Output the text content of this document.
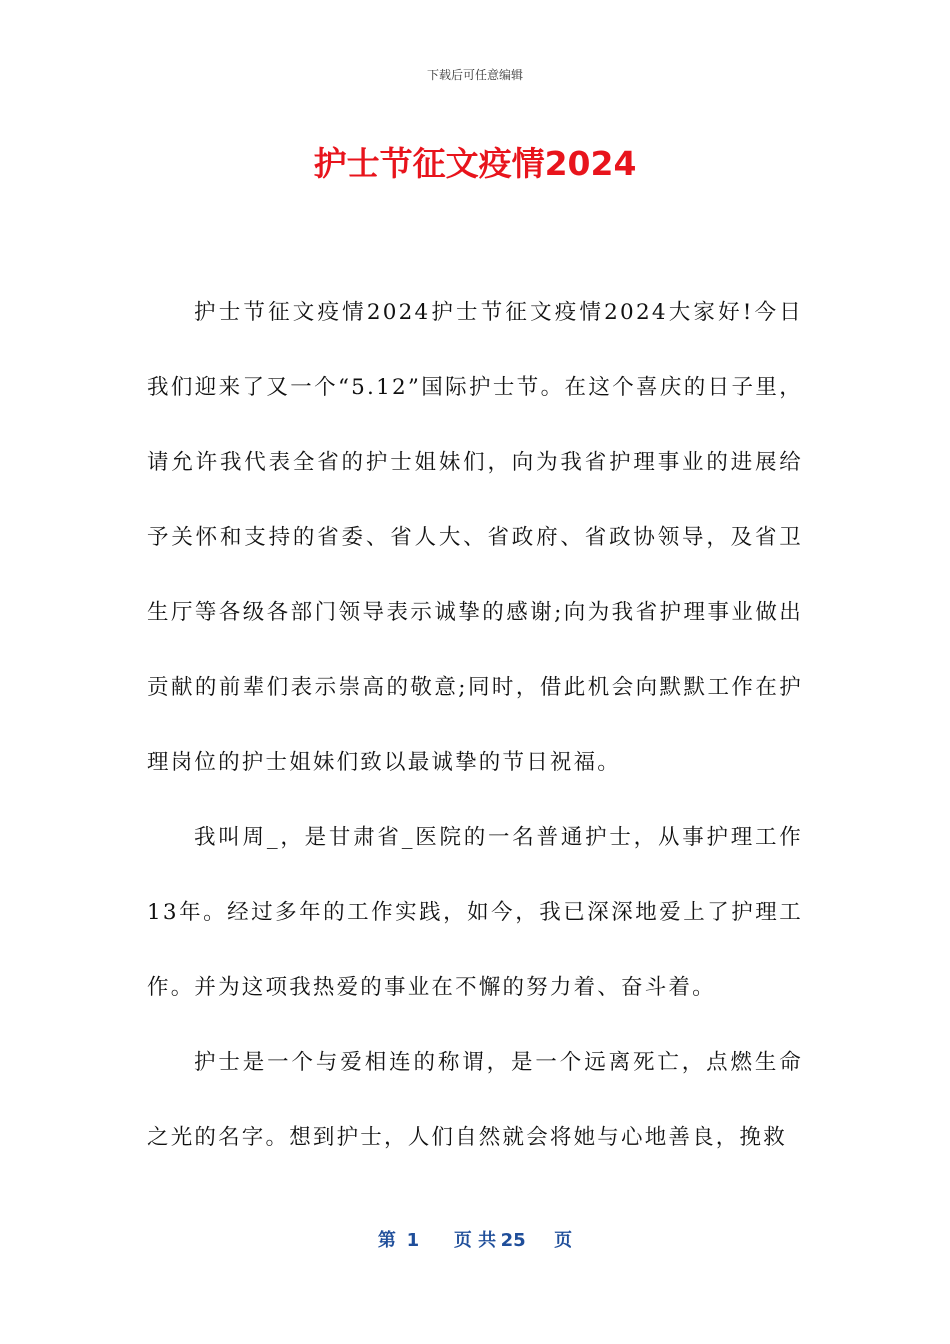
下载后可任意编辑
护士节征文疫情2024

护士节征文疫情2024护士节征文疫情2024大家好!今日我们迎来了又一个“5.12”国际护士节。在这个喜庆的日子里，请允许我代表全省的护士姐妹们，向为我省护理事业的进展给予关怀和支持的省委、省人大、省政府、省政协领导，及省卫生厅等各级各部门领导表示诚挚的感谢;向为我省护理事业做出贡献的前辈们表示崇高的敬意;同时，借此机会向默默工作在护理岗位的护士姐妹们致以最诚挚的节日祝福。

我叫周_，是甘肃省_医院的一名普通护士，从事护理工作13年。经过多年的工作实践，如今，我已深深地爱上了护理工作。并为这项我热爱的事业在不懈的努力着、奋斗着。

护士是一个与爱相连的称谓，是一个远离死亡，点燃生命之光的名字。想到护士，人们自然就会将她与心地善良，挽救

第 1 页 共 25 页
